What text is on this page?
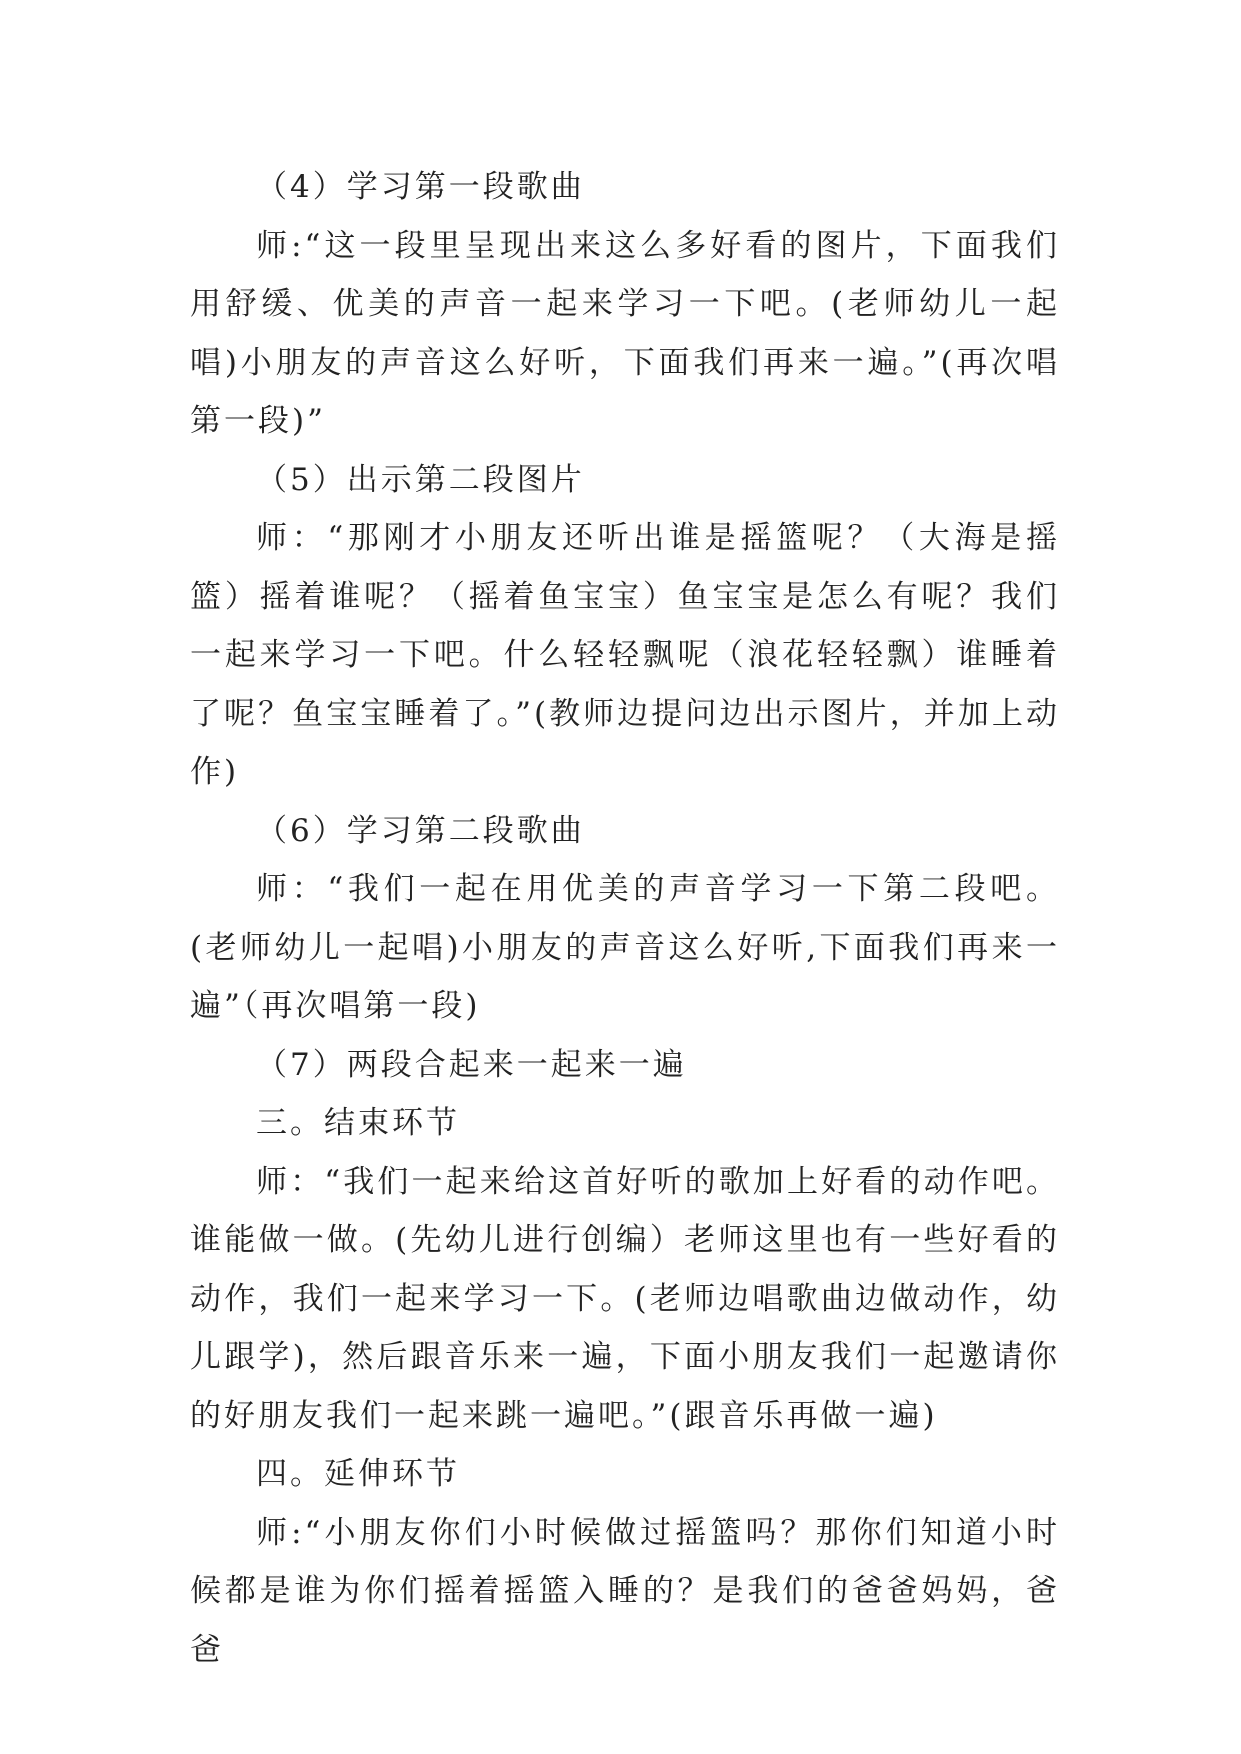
（4）学习第一段歌曲

师:“这一段里呈现出来这么多好看的图片，下面我们用舒缓、优美的声音一起来学习一下吧。(老师幼儿一起唱)小朋友的声音这么好听，下面我们再来一遍。”(再次唱第一段)”

（5）出示第二段图片

师：“那刚才小朋友还听出谁是摇篮呢？（大海是摇篮）摇着谁呢？（摇着鱼宝宝）鱼宝宝是怎么有呢？我们一起来学习一下吧。什么轻轻飘呢（浪花轻轻飘）谁睡着了呢？鱼宝宝睡着了。”(教师边提问边出示图片，并加上动作)

（6）学习第二段歌曲

师：“我们一起在用优美的声音学习一下第二段吧。(老师幼儿一起唱)小朋友的声音这么好听,下面我们再来一遍”（再次唱第一段)

（7）两段合起来一起来一遍

三。结束环节

师：“我们一起来给这首好听的歌加上好看的动作吧。谁能做一做。(先幼儿进行创编）老师这里也有一些好看的动作，我们一起来学习一下。(老师边唱歌曲边做动作，幼儿跟学)，然后跟音乐来一遍，下面小朋友我们一起邀请你的好朋友我们一起来跳一遍吧。”(跟音乐再做一遍)

四。延伸环节

师:“小朋友你们小时候做过摇篮吗？那你们知道小时候都是谁为你们摇着摇篮入睡的？是我们的爸爸妈妈，爸爸
